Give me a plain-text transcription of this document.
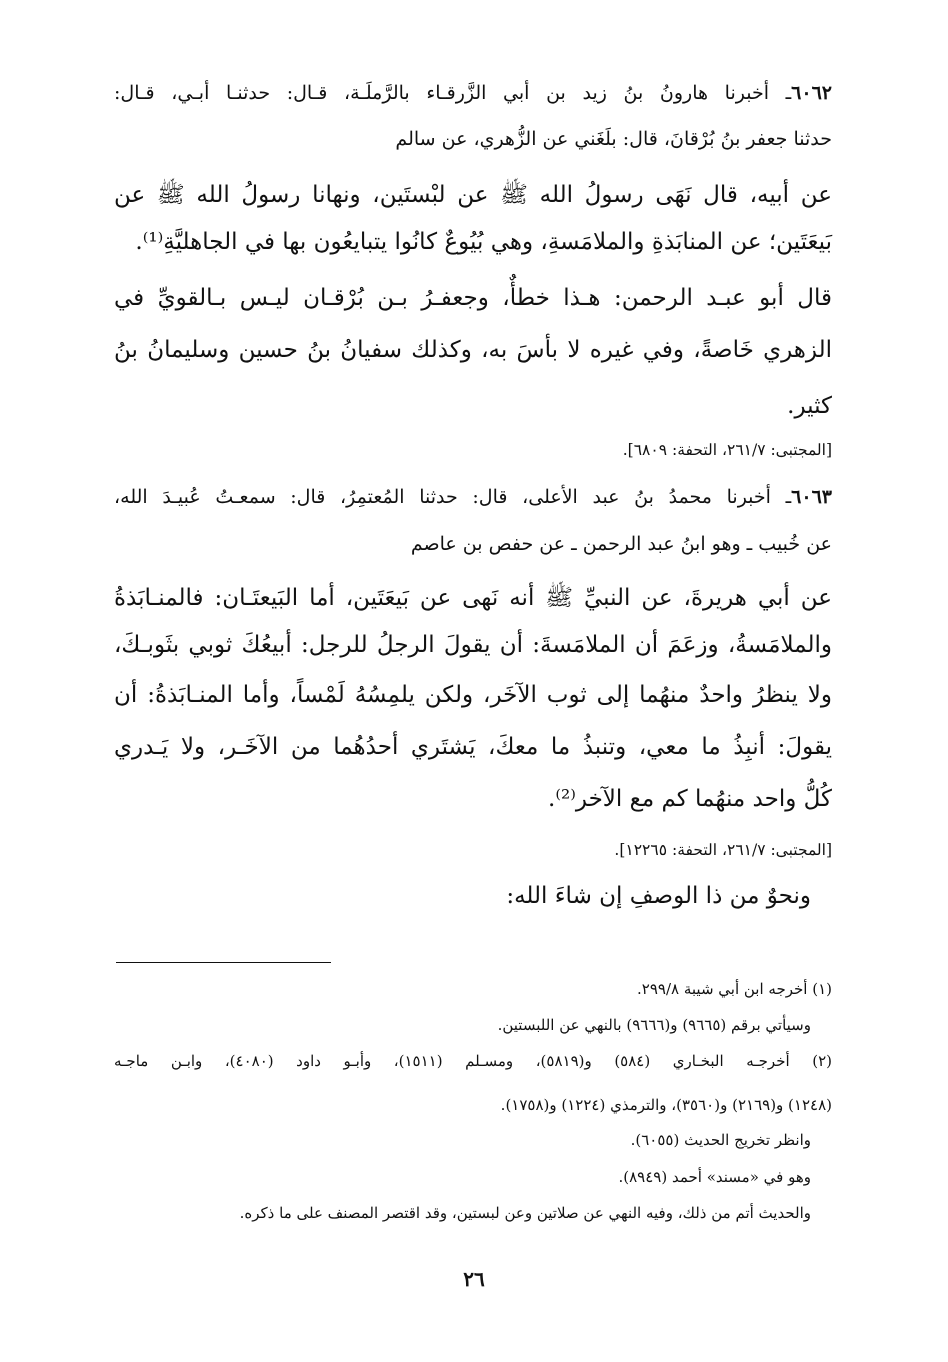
٦٠٦٢ـ أخبرنا هارونُ بنُ زيد بن أبي الزَّرقـاء بالرَّملَـة، قـال: حدثنـا أبـي، قـال:
حدثنا جعفر بنُ بُرْقانَ، قال: بلَغَني عن الزُّهري، عن سالم
عن أبيه، قال نَهَى رسولُ الله ﷺ عن لبْستَين، ونهانا رسولُ الله ﷺ عن
بَيعَتَين؛ عن المنابَذةِ والملامَسةِ، وهي بُيُوعٌ كانُوا يتبايعُون بها في الجاهليَّةِ⁽¹⁾.
قال أبو عبـد الرحمن: هـذا خطأٌ، وجعفـرُ بـن بُرْقـان ليـس بـالقويِّ في
الزهري خَاصةً، وفي غيره لا بأسَ به، وكذلك سفيانُ بنُ حسين وسليمانُ بنُ
كثير.
[المجتبى: ٢٦١/٧، التحفة: ٦٨٠٩].
٦٠٦٣ـ أخبرنا محمدُ بنُ عبد الأعلى، قال: حدثنا المُعتمِرُ، قال: سمعـتُ عُبيـدَ الله،
عن خُبيب ـ وهو ابنُ عبد الرحمن ـ عن حفص بن عاصم
عن أبي هريرةَ، عن النبيِّ ﷺ أنه نَهى عن بَيعَتَين، أما البَيعتَـان: فالمنـابَذةُ
والملامَسةُ، وزعَمَ أن الملامَسةَ: أن يقولَ الرجلُ للرجل: أبيعُكَ ثوبي بثَوبـكَ،
ولا ينظرُ واحدٌ منهُما إلى ثوب الآخَر، ولكن يلمِسُهُ لَمْساً، وأما المنـابَذةُ: أن
يقولَ: أنبِذُ ما معي، وتنبذُ ما معكَ، يَشتَري أحدُهُما من الآخَـر، ولا يَـدري
كُلُّ واحد منهُما كم مع الآخر⁽²⁾.
[المجتبى: ٢٦١/٧، التحفة: ١٢٢٦٥].
ونحوٌ من ذا الوصفِ إن شاءَ الله:
(١) أخرجه ابن أبي شيبة ٢٩٩/٨.
وسيأتي برقم (٩٦٦٥) و(٩٦٦٦) بالنهي عن اللبستين.
(٢) أخرجـه البخـاري (٥٨٤) و(٥٨١٩)، ومسـلم (١٥١١)، وأبـو داود (٤٠٨٠)، وابـن ماجـه
(١٢٤٨) و(٢١٦٩) و(٣٥٦٠)، والترمذي (١٢٢٤) و(١٧٥٨).
وانظر تخريج الحديث (٦٠٥٥).
وهو في «مسند» أحمد (٨٩٤٩).
والحديث أتم من ذلك، وفيه النهي عن صلاتين وعن لبستين، وقد اقتصر المصنف على ما ذكره.
٢٦
